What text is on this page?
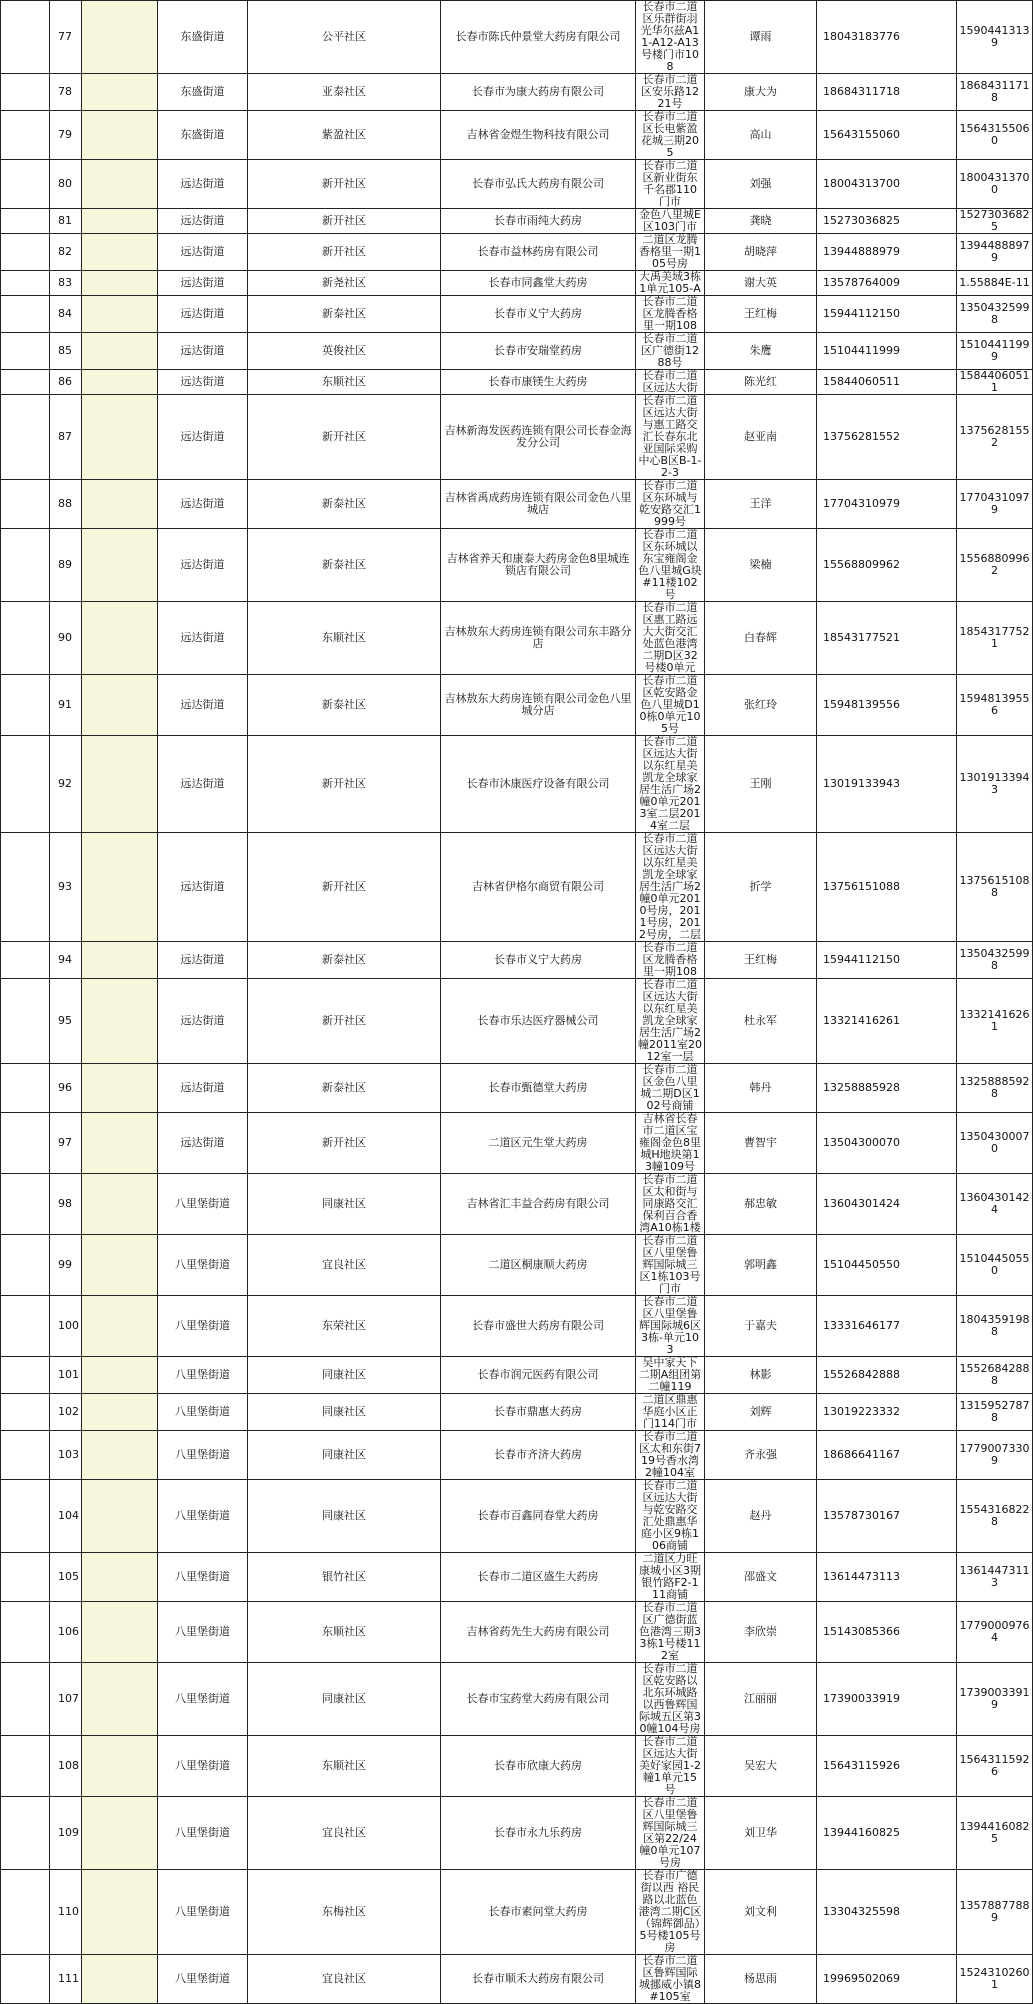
	77		东盛街道	公平社区	长春市陈氏仲景堂大药房有限公司	长春市二道区乐群街羽光华尔兹A11-A12-A13号楼门市108	谭雨	18043183776	15904413139	
	78		东盛街道	亚泰社区	长春市为康大药房有限公司	长春市二道区安乐路1221号	康大为	18684311718	18684311718	
	79		东盛街道	紫盈社区	吉林省金煜生物科技有限公司	长春市二道区长电紫盈花城三期205	高山	15643155060	15643155060	
	80		远达街道	新开社区	长春市弘氏大药房有限公司	长春市二道区新业街东千名郡110门市	刘强	18004313700	18004313700	
	81		远达街道	新开社区	长春市雨纯大药房	金色八里城E区103门市	龚晓	15273036825	15273036825	
	82		远达街道	新开社区	长春市益林药房有限公司	二道区龙腾香格里一期105号房	胡晓萍	13944888979	13944888979	
	83		远达街道	新尧社区	长春市同鑫堂大药房	大禹美域3栋1单元105-A	谢大英	13578764009	1.55884E-11	
	84		远达街道	新泰社区	长春市义宁大药房	长春市二道区龙腾香格里一期108	王红梅	15944112150	13504325998	
	85		远达街道	英俊社区	长春市安瑞堂药房	长春市二道区广德街1288号	朱鹰	15104411999	15104411999	
	86		远达街道	东顺社区	长春市康镁生大药房	长春市二道区远达大街	陈光红	15844060511	15844060511	
	87		远达街道	新开社区	吉林新海发医药连锁有限公司长春金海发分公司	长春市二道区远达大街与惠工路交汇长春东北亚国际采购中心B区B-1-2-3	赵亚南	13756281552	13756281552	
	88		远达街道	新泰社区	吉林省禹成药房连锁有限公司金色八里城店	长春市二道区东环城与乾安路交汇1999号	王洋	17704310979	17704310979	
	89		远达街道	新泰社区	吉林省养天和康泰大药房金色8里城连锁店有限公司	长春市二道区东环城以东宝雍阁金色八里城G块#11楼102号	梁楠	15568809962	15568809962	
	90		远达街道	东顺社区	吉林敖东大药房连锁有限公司东丰路分店	长春市二道区惠工路远大大街交汇处蓝色港湾二期D区32号楼0单元	白春辉	18543177521	18543177521	
	91		远达街道	新泰社区	吉林敖东大药房连锁有限公司金色八里城分店	长春市二道区乾安路金色八里城D10栋0单元105号	张红玲	15948139556	15948139556	
	92		远达街道	新开社区	长春市沐康医疗设备有限公司	长春市二道区远达大街以东红星美凯龙全球家居生活广场2幢0单元2013室二层2014室二层	王刚	13019133943	13019133943	
	93		远达街道	新开社区	吉林省伊格尔商贸有限公司	长春市二道区远达大街以东红星美凯龙全球家居生活广场2幢0单元2010号房，2011号房，2012号房，二层	折学	13756151088	13756151088	
	94		远达街道	新泰社区	长春市义宁大药房	长春市二道区龙腾香格里一期108	王红梅	15944112150	13504325998	
	95		远达街道	新开社区	长春市乐达医疗器械公司	长春市二道区远达大街以东红星美凯龙全球家居生活广场2幢2011室2012室一层	杜永军	13321416261	13321416261	
	96		远达街道	新泰社区	长春市甄德堂大药房	长春市二道区金色八里城二期D区102号商铺	韩丹	13258885928	13258885928	
	97		远达街道	新开社区	二道区元生堂大药房	吉林省长春市二道区宝雍阁金色8里城H地块第13幢109号	曹智宇	13504300070	13504300070	
	98		八里堡街道	同康社区	吉林省汇丰益合药房有限公司	长春市二道区太和街与同康路交汇保利百合香湾A10栋1楼	郝忠敏	13604301424	13604301424	
	99		八里堡街道	宜良社区	二道区桐康顺大药房	长春市二道区八里堡鲁辉国际城三区1栋103号门市	郭明鑫	15104450550	15104450550	
	100		八里堡街道	东荣社区	长春市盛世大药房有限公司	长春市二道区八里堡鲁辉国际城6区3栋-单元103	于嘉夫	13331646177	18043591988	
	101		八里堡街道	同康社区	长春市润元医药有限公司	吴中家天下二期A组团第二幢119	林影	15526842888	15526842888	
	102		八里堡街道	同康社区	长春市鼎惠大药房	二道区鼎惠华庭小区正门114门市	刘辉	13019223332	13159527878	
	103		八里堡街道	同康社区	长春市齐济大药房	长春市二道区太和东街719号香水湾2幢104室	齐永强	18686641167	17790073309	
	104		八里堡街道	同康社区	长春市百鑫同春堂大药房	长春市二道区远达大街与乾安路交汇处鼎惠华庭小区9栋106商铺	赵丹	13578730167	15543168228	
	105		八里堡街道	银竹社区	长春市二道区盛生大药房	二道区力旺康城小区3期银竹路F2-111商铺	邵盛文	13614473113	13614473113	
	106		八里堡街道	东顺社区	吉林省药先生大药房有限公司	长春市二道区广德街蓝色港湾三期33栋1号楼112室	李欣崇	15143085366	17790009764	
	107		八里堡街道	同康社区	长春市宝药堂大药房有限公司	长春市二道区乾安路以北东环城路以西鲁辉国际城五区第30幢104号房	江丽丽	17390033919	17390033919	
	108		八里堡街道	东顺社区	长春市欣康大药房	长春市二道区远达大街美好家园1-2幢1单元15号	吴宏大	15643115926	15643115926	
	109		八里堡街道	宜良社区	长春市永九乐药房	长春市二道区八里堡鲁辉国际城三区第22/24幢0单元107号房	刘卫华	13944160825	13944160825	
	110		八里堡街道	东梅社区	长春市素问堂大药房	长春市广德街以西 裕民路以北蓝色港湾二期C区（锦辉御品）5号楼105号房	刘文利	13304325598	13578877889	
	111		八里堡街道	宜良社区	长春市顺禾大药房有限公司	长春市二道区鲁辉国际城挪威小镇8#105室	杨思雨	19969502069	15243102601	
